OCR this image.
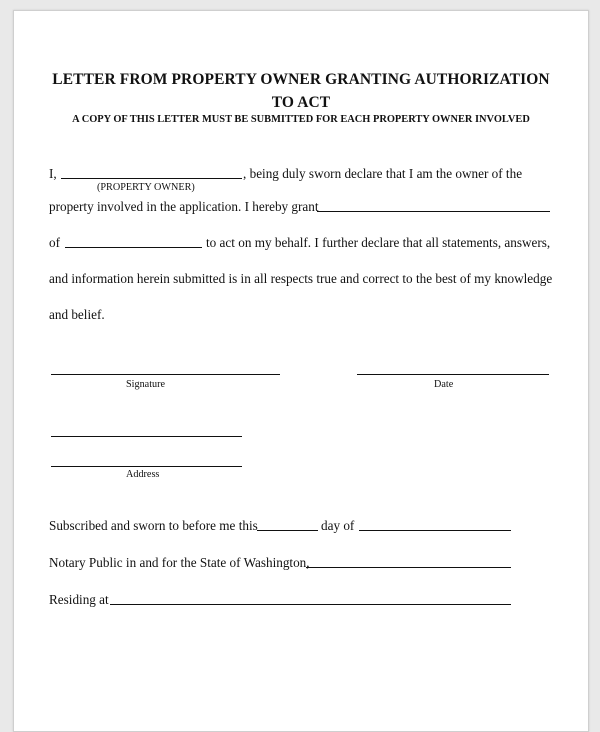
LETTER FROM PROPERTY OWNER GRANTING AUTHORIZATION
TO ACT
A COPY OF THIS LETTER MUST BE SUBMITTED FOR EACH PROPERTY OWNER INVOLVED
I,	, being duly sworn declare that I am the owner of the
(PROPERTY OWNER)
property involved in the application. I hereby grant
of	to act on my behalf. I further declare that all statements, answers,
and information herein submitted is in all respects true and correct to the best of my knowledge
and belief.
Signature	Date
Address
Subscribed and sworn to before me this	day of
Notary Public in and for the State of Washington,
Residing at
